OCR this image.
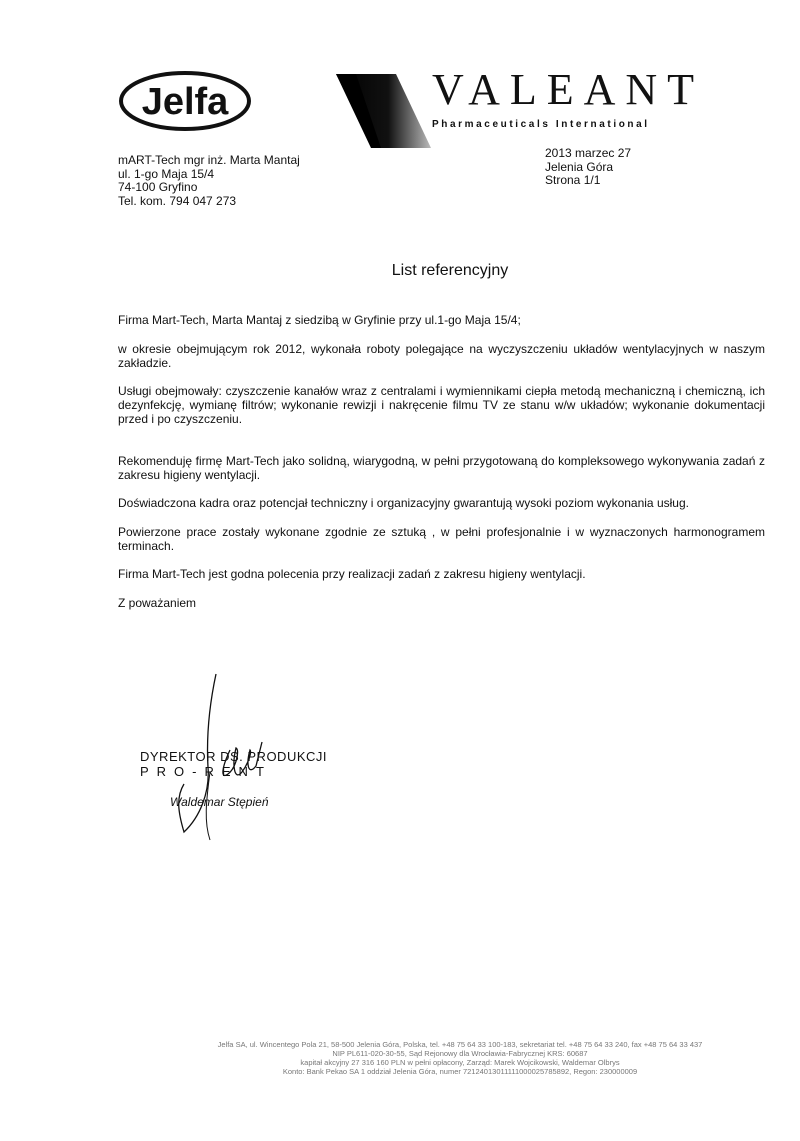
Jelfa	VALEANT
Pharmaceuticals International
mART-Tech mgr inż. Marta Mantaj
ul. 1-go Maja 15/4
74-100 Gryfino
Tel. kom. 794 047 273
2013 marzec 27
Jelenia Góra
Strona 1/1
List referencyjny
Firma Mart-Tech, Marta Mantaj z siedzibą w Gryfinie przy ul.1-go Maja 15/4;
w okresie obejmującym rok 2012, wykonała roboty polegające na wyczyszczeniu układów wentylacyjnych w naszym zakładzie.
Usługi obejmowały: czyszczenie kanałów wraz z centralami i wymiennikami ciepła metodą mechaniczną i chemiczną, ich dezynfekcję, wymianę filtrów; wykonanie rewizji i nakręcenie filmu TV ze stanu w/w układów; wykonanie dokumentacji przed i po czyszczeniu.
Rekomenduję firmę Mart-Tech jako solidną, wiarygodną, w pełni przygotowaną do kompleksowego wykonywania zadań z zakresu higieny wentylacji.
Doświadczona kadra oraz potencjał techniczny i organizacyjny gwarantują wysoki poziom wykonania usług.
Powierzone prace zostały wykonane zgodnie ze sztuką , w pełni profesjonalnie i w wyznaczonych harmonogramem terminach.
Firma Mart-Tech jest godna polecenia przy realizacji zadań z zakresu higieny wentylacji.
Z poważaniem
DYREKTOR DS. PRODUKCJI
PRO-RENT
Waldemar Stępień
Jelfa SA, ul. Wincentego Pola 21, 58-500 Jelenia Góra, Polska, tel. +48 75 64 33 100-183, sekretariat tel. +48 75 64 33 240, fax +48 75 64 33 437
NIP PL611-020-30-55, Sąd Rejonowy dla Wrocławia-Fabrycznej KRS: 60687
kapitał akcyjny 27 316 160 PLN w pełni opłacony, Zarząd: Marek Wojcikowski, Waldemar Olbrys
Konto: Bank Pekao SA 1 oddział Jelenia Góra, numer 72124013011111000025785892, Regon: 230000009
